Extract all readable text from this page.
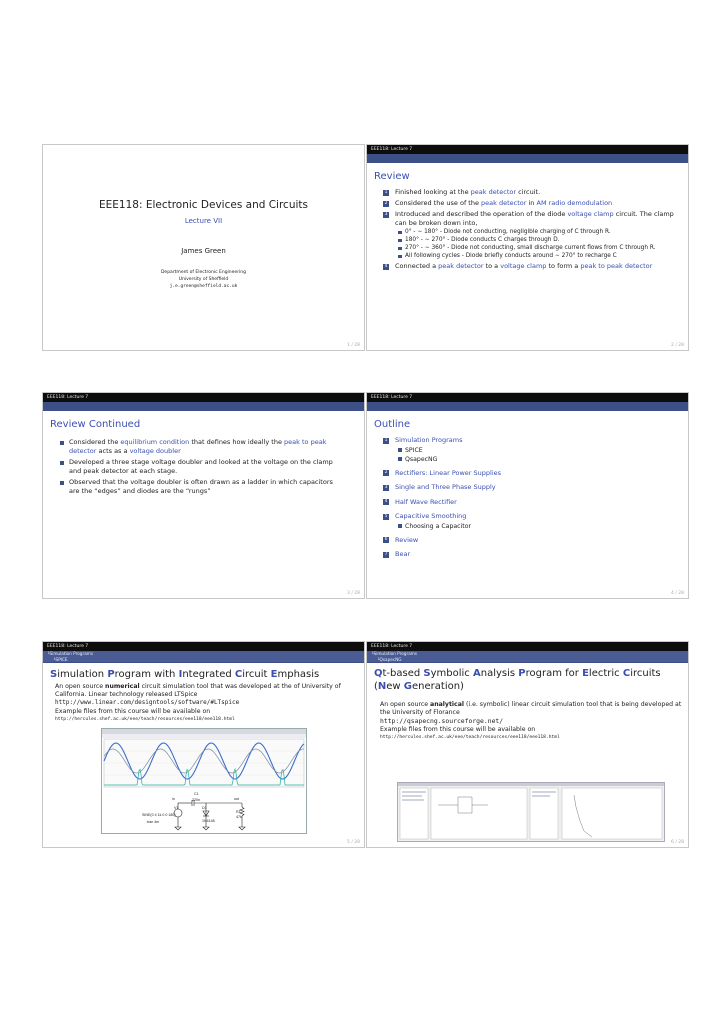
EEE118: Electronic Devices and Circuits
Lecture VII
James Green
Department of Electronic Engineering
University of Sheffield
j.e.green@sheffield.ac.uk
1 / 28
EEE118: Lecture 7
Review
1 Finished looking at the peak detector circuit.
2 Considered the use of the peak detector in AM radio demodulation
3 Introduced and described the operation of the diode voltage clamp circuit. The clamp can be broken down into,
0° - ∼ 180° - Diode not conducting, negligible charging of C through R.
180° - ∼ 270° - Diode conducts C charges through D.
270° - ∼ 360° - Diode not conducting, small discharge current flows from C through R.
All following cycles - Diode briefly conducts around ∼ 270° to recharge C
4 Connected a peak detector to a voltage clamp to form a peak to peak detector
2 / 28
EEE118: Lecture 7
Review Continued
Considered the equilibrium condition that defines how ideally the peak to peak detector acts as a voltage doubler
Developed a three stage voltage doubler and looked at the voltage on the clamp and peak detector at each stage.
Observed that the voltage doubler is often drawn as a ladder in which capacitors are the “edges” and diodes are the “rungs”
3 / 28
EEE118: Lecture 7
Outline
1 Simulation Programs
SPICE
QsapecNG
2 Rectifiers: Linear Power Supplies
3 Single and Three Phase Supply
4 Half Wave Rectifier
5 Capacitive Smoothing
Choosing a Capacitor
6 Review
7 Bear
4 / 28
EEE118: Lecture 7
└Simulation Programs
└SPICE
Simulation Program with Integrated Circuit Emphasis
An open source numerical circuit simulation tool that was developed at the of University of California. Linear technology released LTSpice
http://www.linear.com/designtools/software/#LTspice
Example files from this course will be available on
http://hercules.shef.ac.uk/eee/teach/resources/eee118/eee118.html
C1
220n
in	out
V1	D1
R1
47k
SINE(0 4 1k 0 0 180)
.tran 4m	1N4148
5 / 28
EEE118: Lecture 7
└Simulation Programs
└QsapecNG
Qt-based Symbolic Analysis Program for Electric Circuits (New Generation)
An open source analytical (i.e. symbolic) linear circuit simulation tool that is being developed at the University of Florance
http://qsapecng.sourceforge.net/
Example files from this course will be available on
http://hercules.shef.ac.uk/eee/teach/resources/eee118/eee118.html
6 / 28
